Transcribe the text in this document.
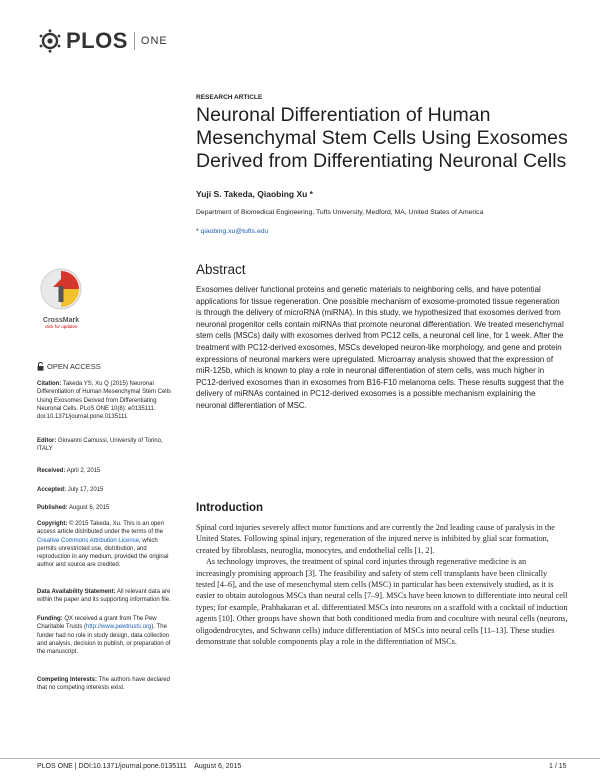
PLOS ONE
CrossMark
click for updates
OPEN ACCESS
Citation: Takeda YS, Xu Q (2015) Neuronal Differentiation of Human Mesenchymal Stem Cells Using Exosomes Derived from Differentiating Neuronal Cells. PLoS ONE 10(8): e0135111. doi:10.1371/journal.pone.0135111
Editor: Giovanni Camussi, University of Torino, ITALY
Received: April 2, 2015
Accepted: July 17, 2015
Published: August 6, 2015
Copyright: © 2015 Takeda, Xu. This is an open access article distributed under the terms of the Creative Commons Attribution License, which permits unrestricted use, distribution, and reproduction in any medium, provided the original author and source are credited.
Data Availability Statement: All relevant data are within the paper and its supporting information file.
Funding: QX received a grant from The Pew Charitable Trusts (http://www.pewtrusts.org). The funder had no role in study design, data collection and analysis, decision to publish, or preparation of the manuscript.
Competing Interests: The authors have declared that no competing interests exist.
RESEARCH ARTICLE
Neuronal Differentiation of Human Mesenchymal Stem Cells Using Exosomes Derived from Differentiating Neuronal Cells
Yuji S. Takeda, Qiaobing Xu *
Department of Biomedical Engineering, Tufts University, Medford, MA, United States of America
* qiaobing.xu@tufts.edu
Abstract
Exosomes deliver functional proteins and genetic materials to neighboring cells, and have potential applications for tissue regeneration. One possible mechanism of exosome-promoted tissue regeneration is through the delivery of microRNA (miRNA). In this study, we hypothesized that exosomes derived from neuronal progenitor cells contain miRNAs that promote neuronal differentiation. We treated mesenchymal stem cells (MSCs) daily with exosomes derived from PC12 cells, a neuronal cell line, for 1 week. After the treatment with PC12-derived exosomes, MSCs developed neuron-like morphology, and gene and protein expressions of neuronal markers were upregulated. Microarray analysis showed that the expression of miR-125b, which is known to play a role in neuronal differentiation of stem cells, was much higher in PC12-derived exosomes than in exosomes from B16-F10 melanoma cells. These results suggest that the delivery of miRNAs contained in PC12-derived exosomes is a possible mechanism explaining the neuronal differentiation of MSC.
Introduction

Spinal cord injuries severely affect motor functions and are currently the 2nd leading cause of paralysis in the United States. Following spinal injury, regeneration of the injured nerve is inhibited by glial scar formation, created by fibroblasts, neuroglia, monocytes, and endothelial cells [1, 2].

As technology improves, the treatment of spinal cord injuries through regenerative medicine is an increasingly promising approach [3]. The feasibility and safety of stem cell transplants have been clinically tested [4–6], and the use of mesenchymal stem cells (MSC) in particular has been extensively studied, as it is easier to obtain autologous MSCs than neural cells [7–9]. MSCs have been known to differentiate into neural cell types; for example, Prabhakaran et al. differentiated MSCs into neurons on a scaffold with a cocktail of induction agents [10]. Other groups have shown that both conditioned media from and coculture with neural cells (neurons, oligodendrocytes, and Schwann cells) induce differentiation of MSCs into neural cells [11–13]. These studies demonstrate that soluble components play a role in the differentiation of MSCs.

PLOS ONE | DOI:10.1371/journal.pone.0135111    August 6, 2015	1 / 15
